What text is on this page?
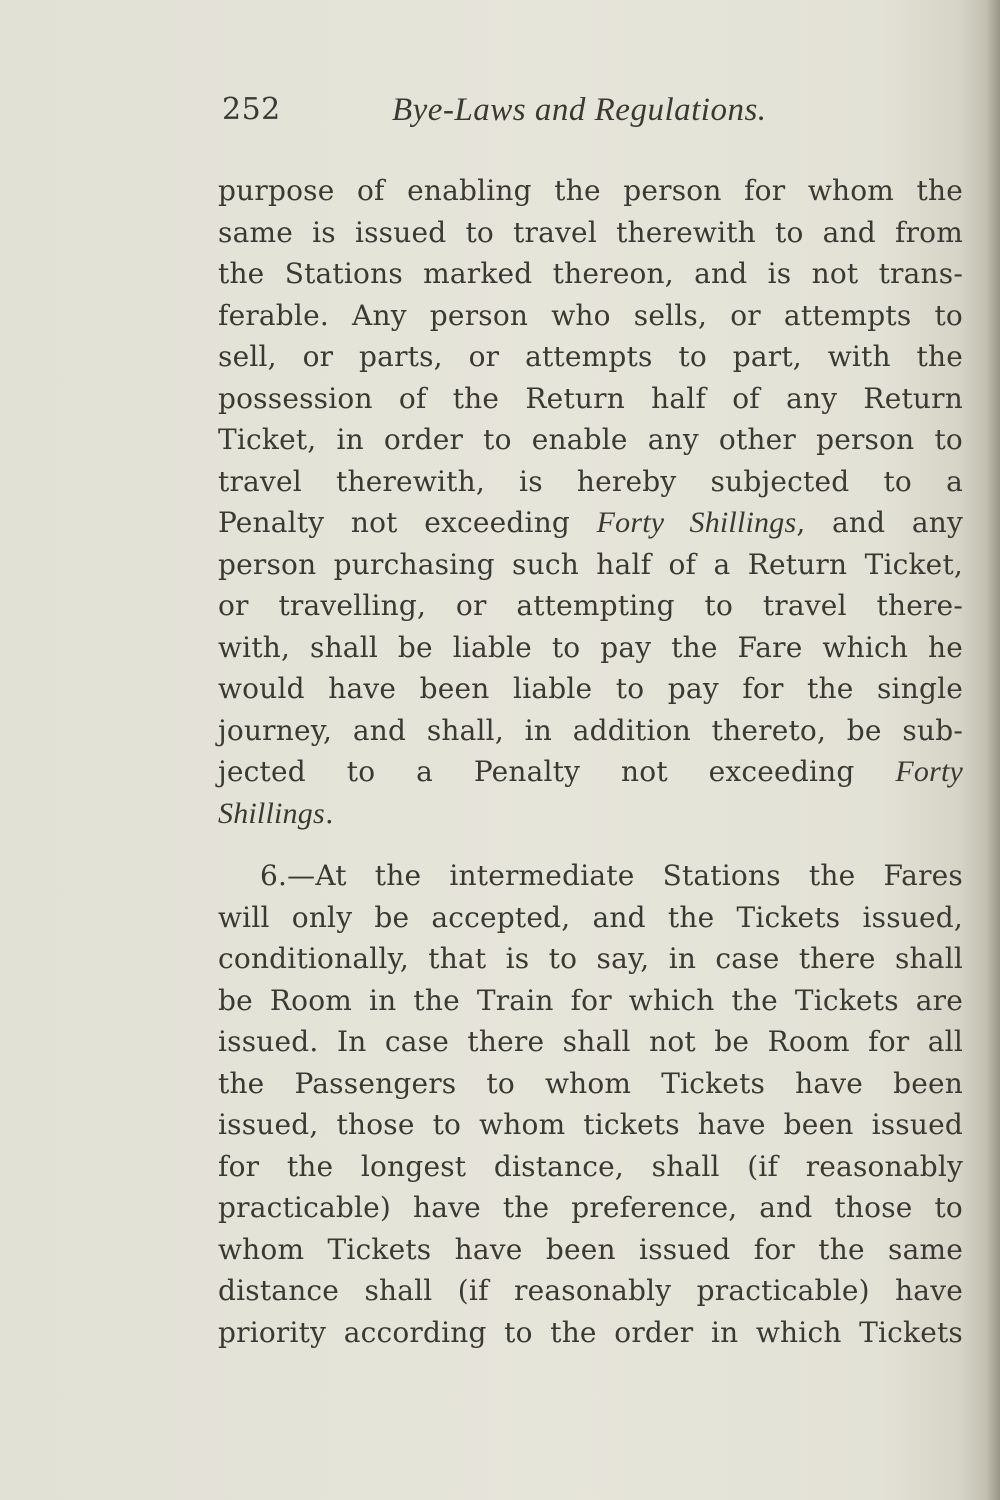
252	Bye-Laws and Regulations.
purpose of enabling the person for whom the
same is issued to travel therewith to and from
the Stations marked thereon, and is not trans-
ferable. Any person who sells, or attempts to
sell, or parts, or attempts to part, with the
possession of the Return half of any Return
Ticket, in order to enable any other person to
travel therewith, is hereby subjected to a
Penalty not exceeding Forty Shillings, and any
person purchasing such half of a Return Ticket,
or travelling, or attempting to travel there-
with, shall be liable to pay the Fare which he
would have been liable to pay for the single
journey, and shall, in addition thereto, be sub-
jected to a Penalty not exceeding Forty
Shillings.
6.—At the intermediate Stations the Fares
will only be accepted, and the Tickets issued,
conditionally, that is to say, in case there shall
be Room in the Train for which the Tickets are
issued. In case there shall not be Room for all
the Passengers to whom Tickets have been
issued, those to whom tickets have been issued
for the longest distance, shall (if reasonably
practicable) have the preference, and those to
whom Tickets have been issued for the same
distance shall (if reasonably practicable) have
priority according to the order in which Tickets
